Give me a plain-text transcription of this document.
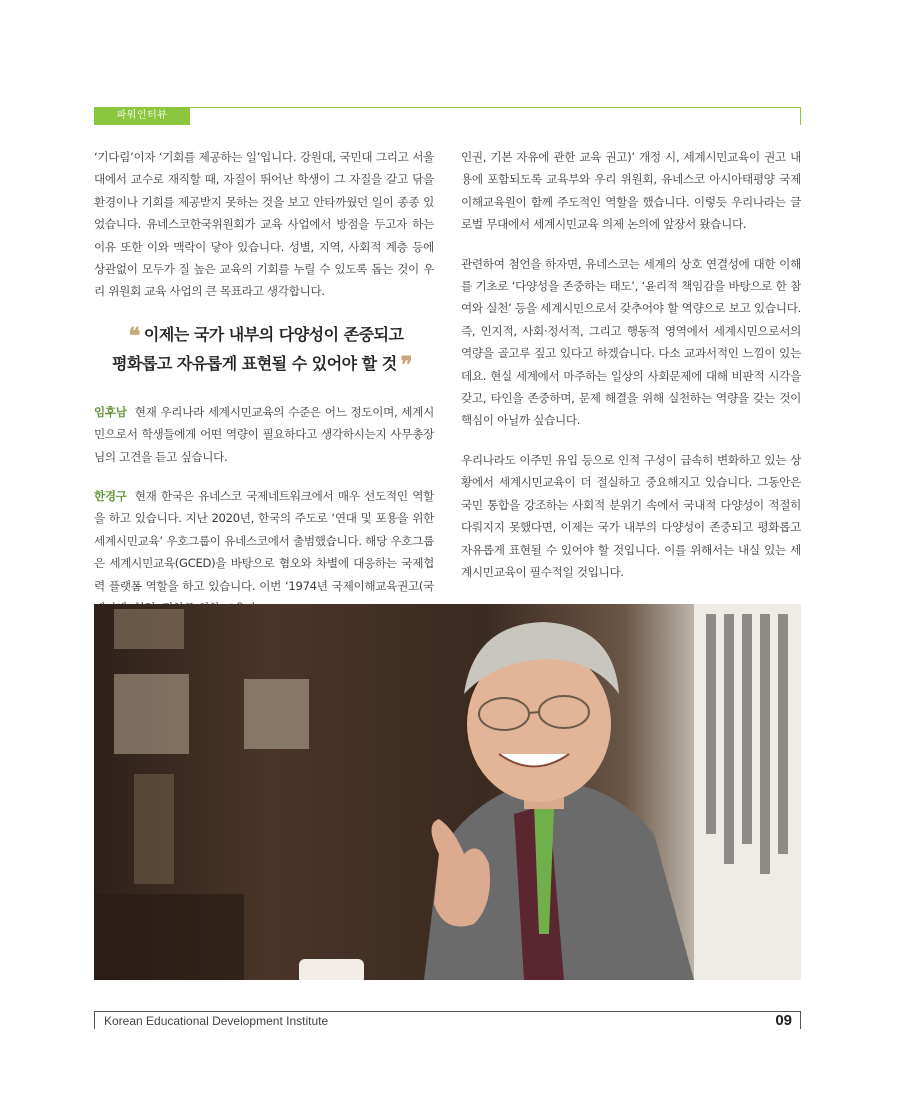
파워인터뷰

‘기다림’이자 ‘기회를 제공하는 일’입니다. 강원대, 국민대 그리고 서울대에서 교수로 재직할 때, 자질이 뛰어난 학생이 그 자질을 갈고 닦을 환경이나 기회를 제공받지 못하는 것을 보고 안타까웠던 일이 종종 있었습니다. 유네스코한국위원회가 교육 사업에서 방점을 두고자 하는 이유 또한 이와 맥락이 닿아 있습니다. 성별, 지역, 사회적 계층 등에 상관없이 모두가 질 높은 교육의 기회를 누릴 수 있도록 돕는 것이 우리 위원회 교육 사업의 큰 목표라고 생각합니다.

❝ 이제는 국가 내부의 다양성이 존중되고
평화롭고 자유롭게 표현될 수 있어야 할 것 ❞

임후남 현재 우리나라 세계시민교육의 수준은 어느 정도이며, 세계시민으로서 학생들에게 어떤 역량이 필요하다고 생각하시는지 사무총장님의 고견을 듣고 싶습니다.

한경구 현재 한국은 유네스코 국제네트워크에서 매우 선도적인 역할을 하고 있습니다. 지난 2020년, 한국의 주도로 ‘연대 및 포용을 위한 세계시민교육’ 우호그룹이 유네스코에서 출범했습니다. 해당 우호그룹은 세계시민교육(GCED)을 바탕으로 혐오와 차별에 대응하는 국제협력 플랫폼 역할을 하고 있습니다. 이번 ‘1974년 국제이해교육권고(국

인권, 기본 자유에 관한 교육 권고)’ 개정 시, 세계시민교육이 권고 내용에 포함되도록 교육부와 우리 위원회, 유네스코 아시아태평양 국제이해교육원이 함께 주도적인 역할을 했습니다. 이렇듯 우리나라는 글로벌 무대에서 세계시민교육 의제 논의에 앞장서 왔습니다.

관련하여 첨언을 하자면, 유네스코는 세계의 상호 연결성에 대한 이해를 기초로 ‘다양성을 존중하는 태도’, ‘윤리적 책임감을 바탕으로 한 참여와 실천’ 등을 세계시민으로서 갖추어야 할 역량으로 보고 있습니다. 즉, 인지적, 사회·정서적, 그리고 행동적 영역에서 세계시민으로서의 역량을 골고루 짚고 있다고 하겠습니다. 다소 교과서적인 느낌이 있는데요. 현실 세계에서 마주하는 일상의 사회문제에 대해 비판적 시각을 갖고, 타인을 존중하며, 문제 해결을 위해 실천하는 역량을 갖는 것이 핵심이 아닐까 싶습니다.

우리나라도 이주민 유입 등으로 인적 구성이 급속히 변화하고 있는 상황에서 세계시민교육이 더 절실하고 중요해지고 있습니다. 그동안은 국민 통합을 강조하는 사회적 분위기 속에서 국내적 다양성이 적절히 다뤄지지 못했다면, 이제는 국가 내부의 다양성이 존중되고 평화롭고 자유롭게 표현될 수 있어야 할 것입니다. 이를 위해서는 내실 있는 세계시민교육이 필수적일 것입니다.

Korean Educational Development Institute	09
